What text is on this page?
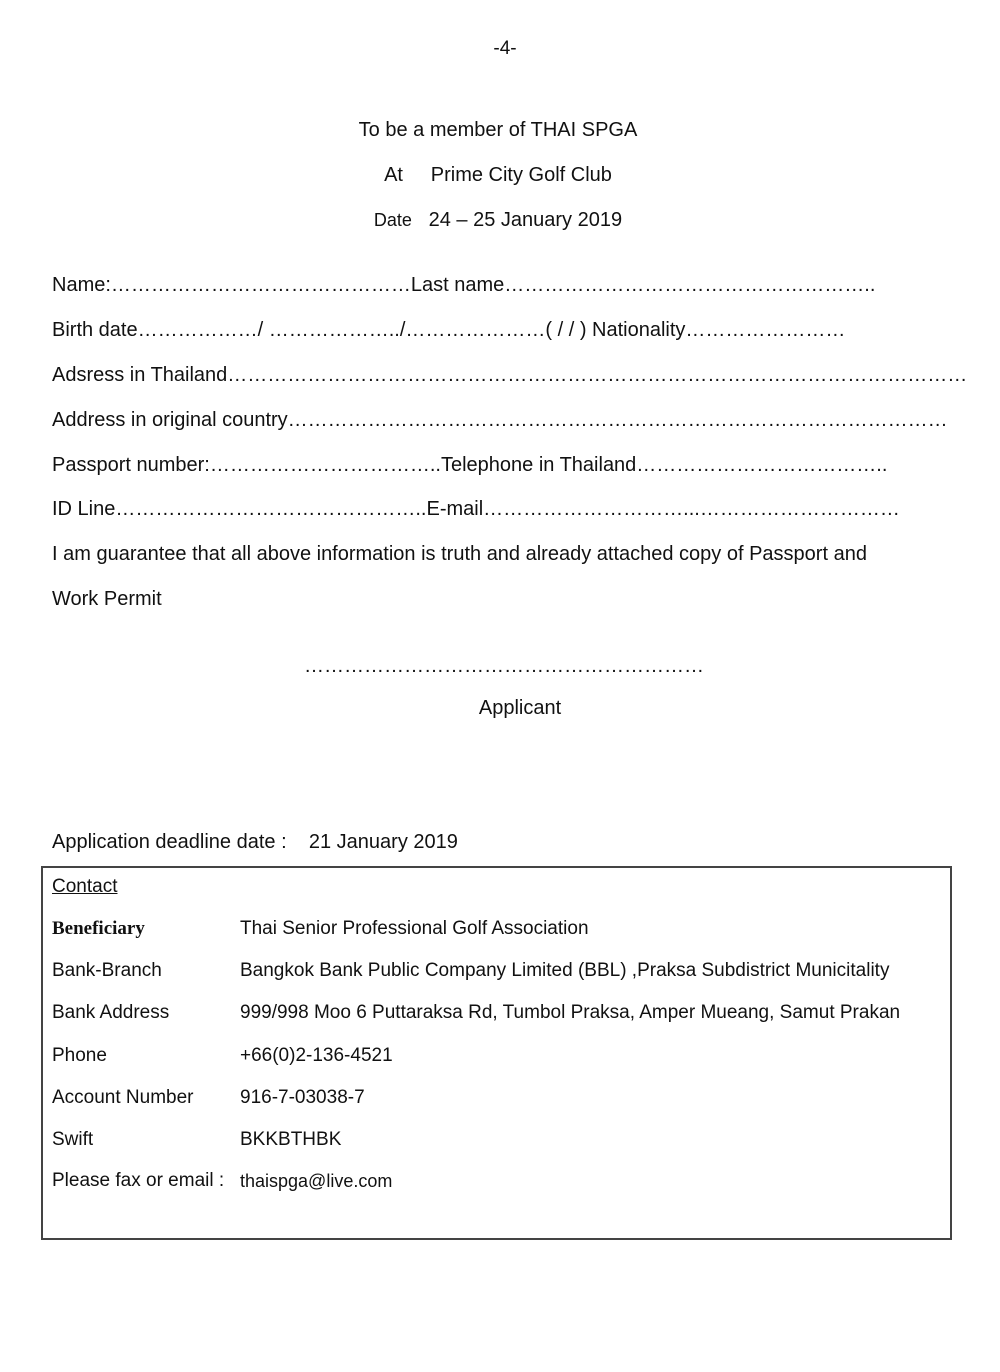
-4-
To be a member of THAI SPGA
At Prime City Golf Club
Date 24 – 25 January 2019
Name:………………………………………Last name………………………………………………..
Birth date………………/ ………………../…………………( / / ) Nationality……………………
Adsress in Thailand…………………………………………………………………………………………………
Address in original country………………………………………………………………………………………
Passport number:……………………………..Telephone in Thailand………………………………..
ID Line………………………………………..E-mail…………………………...…………………………
I am guarantee that all above information is truth and already attached copy of Passport and
Work Permit
……………………………………………………
Applicant
Application deadline date : 21 January 2019
Contact
Beneficiary	Thai Senior Professional Golf Association
Bank-Branch	Bangkok Bank Public Company Limited (BBL) ,Praksa Subdistrict Municitality
Bank Address	999/998 Moo 6 Puttaraksa Rd, Tumbol Praksa, Amper Mueang, Samut Prakan
Phone	+66(0)2-136-4521
Account Number 916-7-03038-7
Swift	BKKBTHBK
Please fax or email : thaispga@live.com
